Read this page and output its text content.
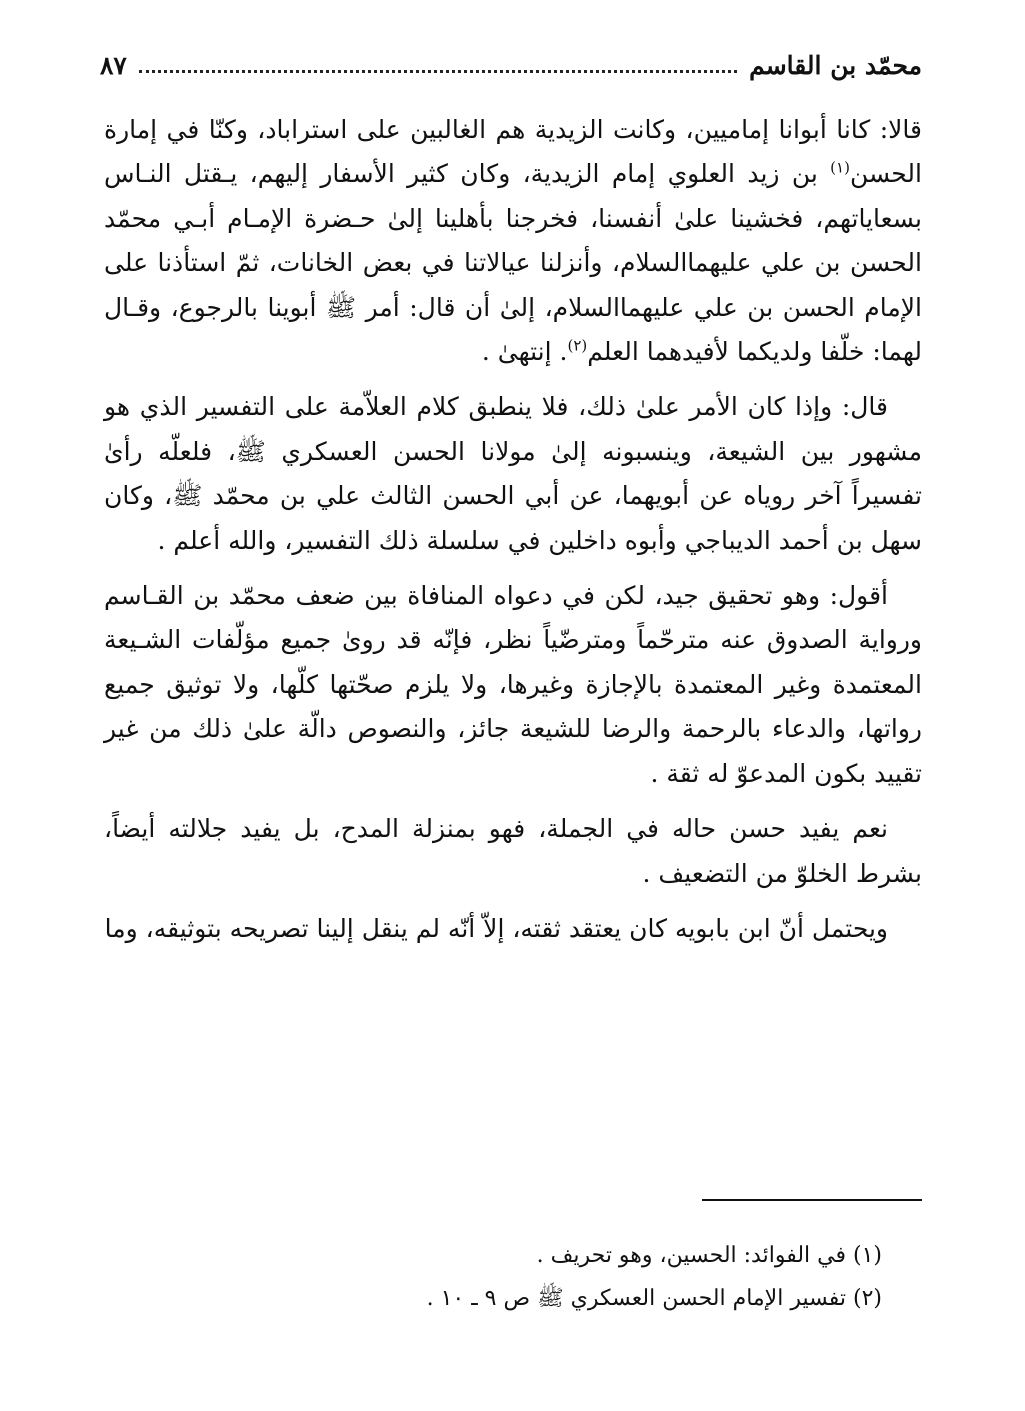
محمّد بن القاسم
٨٧

قالا: كانا أبوانا إماميين، وكانت الزيدية هم الغالبين على استراباد، وكنّا في إمارة الحسن$^{(١)}$ بن زيد العلوي إمام الزيدية، وكان كثير الأسفار إليهم، يـقتل النـاس بسعاياتهم، فخشينا علىٰ أنفسنا، فخرجنا بأهلينا إلىٰ حـضرة الإمـام أبـي محمّد الحسن بن علي عليهماالسلام، وأنزلنا عيالاتنا في بعض الخانات، ثمّ استأذنا على الإمام الحسن بن علي عليهماالسلام، إلىٰ أن قال: أمر ﷺ أبوينا بالرجوع، وقـال لهما: خلّفا ولديكما لأفيدهما العلم$^{(٢)}$. إنتهىٰ .

قال: وإذا كان الأمر علىٰ ذلك، فلا ينطبق كلام العلاّمة على التفسير الذي هو مشهور بين الشيعة، وينسبونه إلىٰ مولانا الحسن العسكري ﷺ، فلعلّه رأىٰ تفسيراً آخر روياه عن أبويهما، عن أبي الحسن الثالث علي بن محمّد ﷺ، وكان سهل بن أحمد الديباجي وأبوه داخلين في سلسلة ذلك التفسير، والله أعلم .

أقول: وهو تحقيق جيد، لكن في دعواه المنافاة بين ضعف محمّد بن القـاسم ورواية الصدوق عنه مترحّماً ومترضّياً نظر، فإنّه قد روىٰ جميع مؤلّفات الشـيعة المعتمدة وغير المعتمدة بالإجازة وغيرها، ولا يلزم صحّتها كلّها، ولا توثيق جميع رواتها، والدعاء بالرحمة والرضا للشيعة جائز، والنصوص دالّة علىٰ ذلك من غير تقييد بكون المدعوّ له ثقة .

نعم يفيد حسن حاله في الجملة، فهو بمنزلة المدح، بل يفيد جلالته أيضاً، بشرط الخلوّ من التضعيف .

ويحتمل أنّ ابن بابويه كان يعتقد ثقته، إلاّ أنّه لم ينقل إلينا تصريحه بتوثيقه، وما

(١) في الفوائد: الحسين، وهو تحريف .

(٢) تفسير الإمام الحسن العسكري ﷺ ص ٩ ـ ١٠ .
